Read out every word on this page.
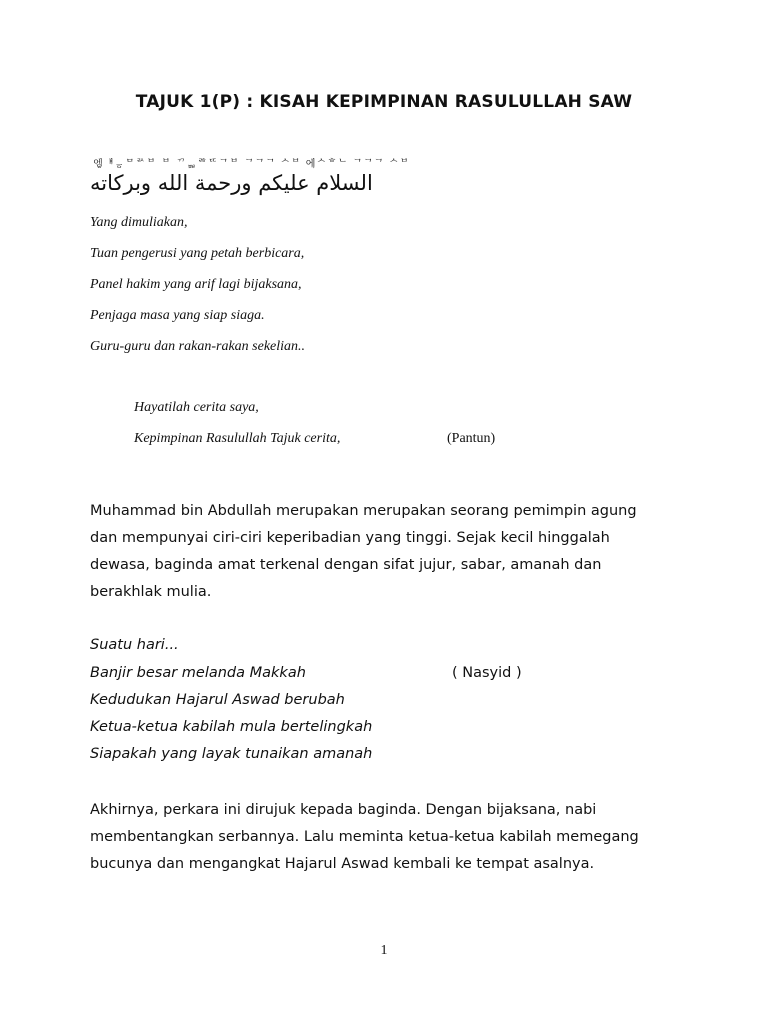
TAJUK 1(P) : KISAH KEPIMPINAN RASULULLAH SAW
에ᇢᅤᇹᄆᄅᄉᄇ ᄇ ᄁᇜᄚᄄᄀᄇ ᄀᄀᄀ ᄉᄇ 에ᄉᄒᄂ ᄀᄀᄀ ᄉᄇ
السلام عليكم ورحمة الله وبركاته
Yang dimuliakan,
Tuan pengerusi yang petah berbicara,
Panel hakim yang arif lagi bijaksana,
Penjaga masa yang siap siaga.
Guru-guru dan rakan-rakan sekelian..
Hayatilah cerita saya,
Kepimpinan Rasulullah Tajuk cerita,	(Pantun)
Muhammad bin Abdullah merupakan merupakan seorang pemimpin agung
dan mempunyai ciri-ciri keperibadian yang tinggi. Sejak kecil hinggalah
dewasa, baginda amat terkenal dengan sifat jujur, sabar, amanah dan
berakhlak mulia.
Suatu hari...
Banjir besar melanda Makkah	( Nasyid )
Kedudukan Hajarul Aswad berubah
Ketua-ketua kabilah mula bertelingkah
Siapakah yang layak tunaikan amanah
Akhirnya, perkara ini dirujuk kepada baginda. Dengan bijaksana, nabi
membentangkan serbannya. Lalu meminta ketua-ketua kabilah memegang
bucunya dan mengangkat Hajarul Aswad kembali ke tempat asalnya.
1
